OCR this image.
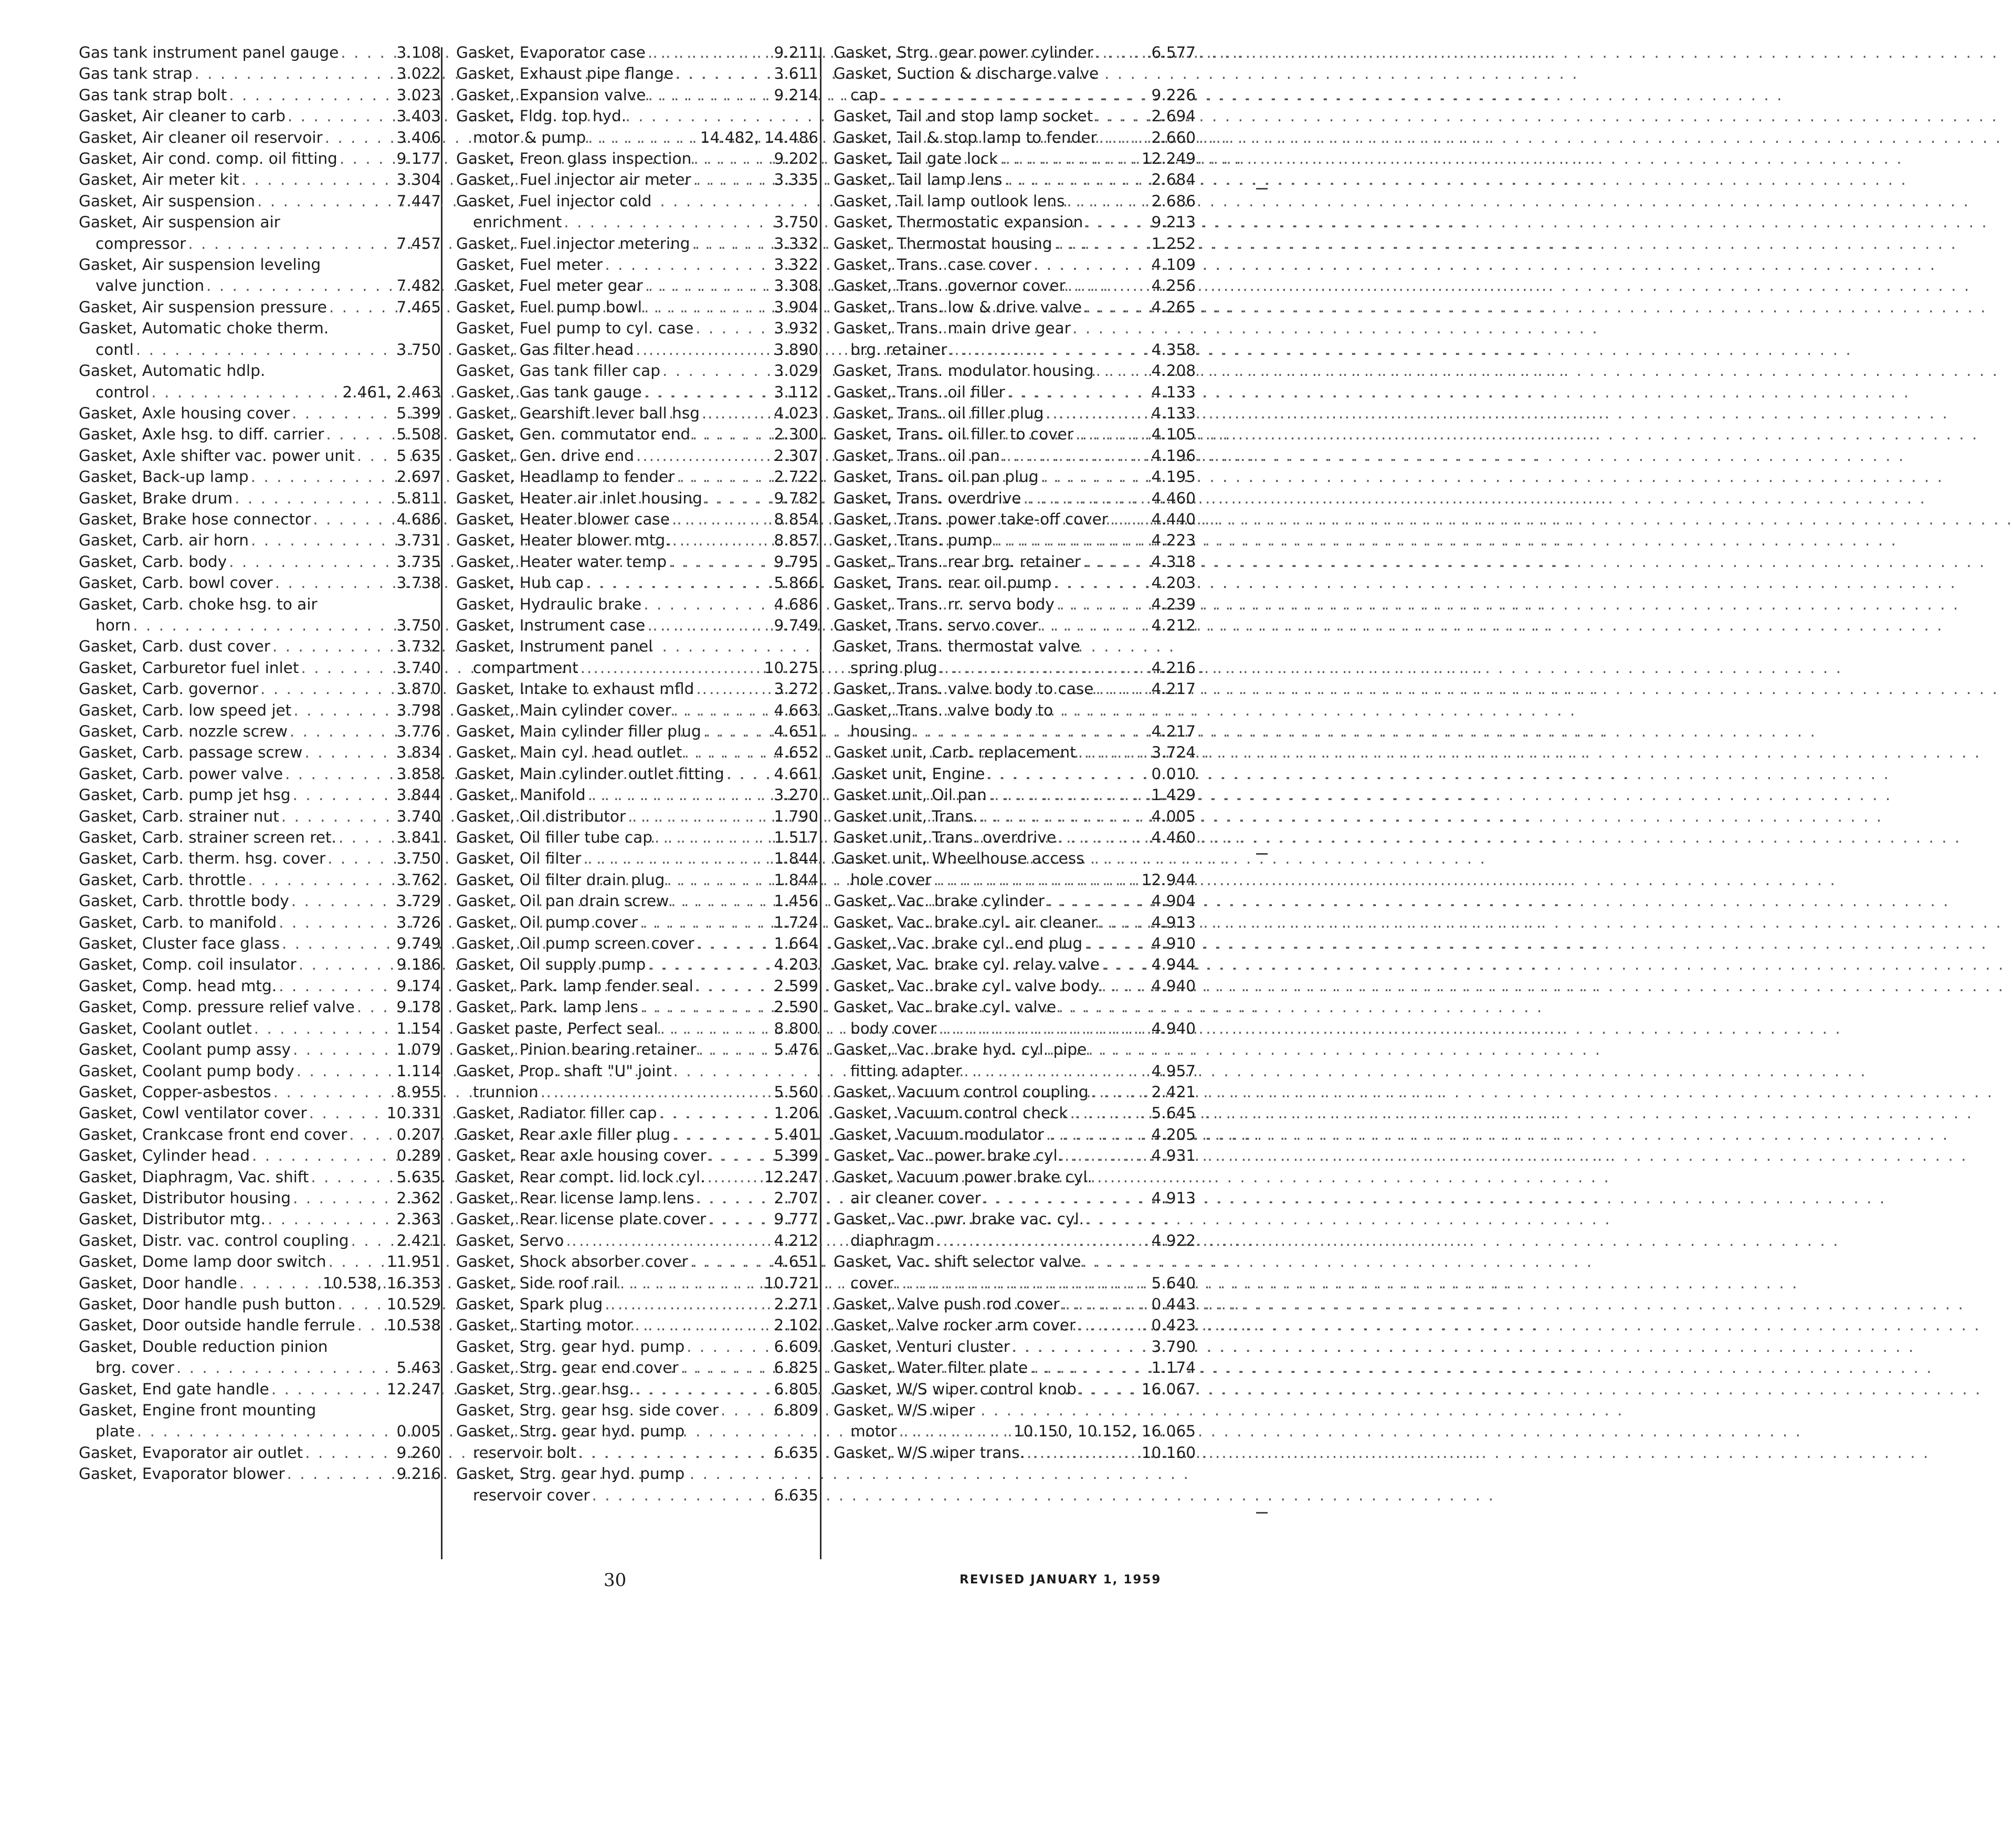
Gas tank instrument panel gauge . . .	3.108
Gas tank strap . . .	3.022
Gas tank strap bolt . . .	3.023
Gasket, Air cleaner to carb . . .	3.403
Gasket, Air cleaner oil reservoir . . .	3.406
Gasket, Air cond. comp. oil fitting . . .	9.177
Gasket, Air meter kit . . .	3.304
Gasket, Air suspension . . .	7.447
Gasket, Air suspension air
compressor . . .	7.457
Gasket, Air suspension leveling
valve junction . . .	7.482
Gasket, Air suspension pressure . . .	7.465
Gasket, Automatic choke therm.
contl . . .	3.750
Gasket, Automatic hdlp.
control . . .	2.461, 2.463
Gasket, Axle housing cover . . .	5.399
Gasket, Axle hsg. to diff. carrier . . .	5.508
Gasket, Axle shifter vac. power unit . . .	5 635
Gasket, Back-up lamp . . .	2.697
Gasket, Brake drum . . .	5.811
Gasket, Brake hose connector . . .	4.686
Gasket, Carb. air horn . . .	3.731
Gasket, Carb. body . . .	3.735
Gasket, Carb. bowl cover . . .	3.738
Gasket, Carb. choke hsg. to air
horn . . .	3.750
Gasket, Carb. dust cover . . .	3.732
Gasket, Carburetor fuel inlet . . .	3.740
Gasket, Carb. governor . . .	3.870
Gasket, Carb. low speed jet . . .	3.798
Gasket, Carb. nozzle screw . . .	3.776
Gasket, Carb. passage screw . . .	3.834
Gasket, Carb. power valve . . .	3.858
Gasket, Carb. pump jet hsg . . .	3.844
Gasket, Carb. strainer nut . . .	3.740
Gasket, Carb. strainer screen ret. . . .	3.841
Gasket, Carb. therm. hsg. cover . . .	3.750
Gasket, Carb. throttle . . .	3.762
Gasket, Carb. throttle body . . .	3.729
Gasket, Carb. to manifold . . .	3.726
Gasket, Cluster face glass . . .	9.749
Gasket, Comp. coil insulator . . .	9.186
Gasket, Comp. head mtg. . . .	9.174
Gasket, Comp. pressure relief valve . . .	9.178
Gasket, Coolant outlet . . .	1.154
Gasket, Coolant pump assy . . .	1.079
Gasket, Coolant pump body . . .	1.114
Gasket, Copper-asbestos . . .	8.955
Gasket, Cowl ventilator cover . . .	10.331
Gasket, Crankcase front end cover . . .	0.207
Gasket, Cylinder head . . .	0.289
Gasket, Diaphragm, Vac. shift . . .	5.635
Gasket, Distributor housing . . .	2.362
Gasket, Distributor mtg. . . .	2.363
Gasket, Distr. vac. control coupling . . .	2.421
Gasket, Dome lamp door switch . . .	11.951
Gasket, Door handle . . .	10.538, 16.353
Gasket, Door handle push button . . .	10.529
Gasket, Door outside handle ferrule . . . 10.538
Gasket, Double reduction pinion
brg. cover . . .	5.463
Gasket, End gate handle . . .	12.247
Gasket, Engine front mounting
plate . . .	0.005
Gasket, Evaporator air outlet . . .	9.260
Gasket, Evaporator blower . . .	9.216
Gasket, Evaporator case . . .	9.211
Gasket, Exhaust pipe flange . . .	3.611
Gasket, Expansion valve . . .	9.214
Gasket, Fldg. top hyd.
motor & pump . . .	14.482, 14.486
Gasket, Freon glass inspection . . .	9.202
Gasket, Fuel injector air meter . . .	3.335
Gasket, Fuel injector cold
enrichment . . .	3.750
Gasket, Fuel injector metering . . .	3.332
Gasket, Fuel meter . . .	3.322
Gasket, Fuel meter gear . . .	3.308
Gasket, Fuel pump bowl . . .	3.904
Gasket, Fuel pump to cyl. case . . .	3.932
Gasket, Gas filter head . . .	3.890
Gasket, Gas tank filler cap . . .	3.029
Gasket, Gas tank gauge . . .	3.112
Gasket, Gearshift lever ball hsg . . .	4.023
Gasket, Gen. commutator end . . .	2.300
Gasket, Gen. drive end . . .	2.307
Gasket, Headlamp to fender . . .	2.722
Gasket, Heater air inlet housing . . .	9.782
Gasket, Heater blower case . . .	8.854
Gasket, Heater blower mtg. . . .	8.857
Gasket, Heater water temp . . .	9.795
Gasket, Hub cap . . .	5.866
Gasket, Hydraulic brake . . .	4.686
Gasket, Instrument case . . .	9.749
Gasket, Instrument panel
compartment . . .	10.275
Gasket, Intake to exhaust mfld . . .	3.272
Gasket, Main cylinder cover . . .	4.663
Gasket, Main cylinder filler plug . . .	4.651
Gasket, Main cyl. head outlet . . .	4.652
Gasket, Main cylinder outlet fitting . . .	4.661
Gasket, Manifold . . .	3.270
Gasket, Oil distributor . . .	1.790
Gasket, Oil filler tube cap . . .	1.517
Gasket, Oil filter . . .	1.844
Gasket, Oil filter drain plug . . .	1.844
Gasket, Oil pan drain screw . . .	1.456
Gasket, Oil pump cover . . .	1.724
Gasket, Oil pump screen cover . . .	1.664
Gasket, Oil supply pump . . .	4.203
Gasket, Park. lamp fender seal . . .	2.599
Gasket, Park. lamp lens . . .	2.590
Gasket paste, Perfect seal . . .	8.800
Gasket, Pinion bearing retainer . . .	5.476
Gasket, Prop. shaft "U" joint
trunnion . . .	5.560
Gasket, Radiator filler cap . . .	1.206
Gasket, Rear axle filler plug . . .	5.401
Gasket, Rear axle housing cover . . .	5.399
Gasket, Rear compt. lid lock cyl. . . .	12.247
Gasket, Rear license lamp lens . . .	2.707
Gasket, Rear license plate cover . . .	9.777
Gasket, Servo . . .	4.212
Gasket, Shock absorber cover . . .	4.651
Gasket, Side roof rail . . .	10.721
Gasket, Spark plug . . .	2.271
Gasket, Starting motor . . .	2.102
Gasket, Strg. gear hyd. pump . . .	6.609
Gasket, Strg. gear end cover . . .	6.825
Gasket, Strg. gear hsg. . . .	6.805
Gasket, Strg. gear hsg. side cover . . .	6.809
Gasket, Strg. gear hyd. pump
reservoir bolt . . .	6.635
Gasket, Strg. gear hyd. pump
reservoir cover . . .	6.635
Gasket, Strg. gear power cylinder . . .	6.577
Gasket, Suction & discharge valve
cap . . .	9.226
Gasket, Tail and stop lamp socket . . .	2.694
Gasket, Tail & stop lamp to fender . . .	2.660
Gasket, Tail gate lock . . .	12.249
Gasket, Tail lamp lens . . .	2.684
Gasket, Tail lamp outlook lens . . .	2.686
Gasket, Thermostatic expansion . . .	9.213
Gasket, Thermostat housing . . .	1.252
Gasket, Trans. case cover . . .	4.109
Gasket, Trans. governor cover . . .	4.256
Gasket, Trans. low & drive valve . . .	4.265
Gasket, Trans. main drive gear
brg. retainer . . .	4.358
Gasket, Trans. modulator housing . . .	4.208
Gasket, Trans. oil filler . . .	4.133
Gasket, Trans. oil filler plug . . .	4.133
Gasket, Trans. oil filler to cover . . .	4.105
Gasket, Trans. oil pan . . .	4.196
Gasket, Trans. oil pan plug . . .	4.195
Gasket, Trans. overdrive . . .	4.460
Gasket, Trans. power take-off cover . . .	4.440
Gasket, Trans. pump . . .	4.223
Gasket, Trans. rear brg. retainer . . .	4.318
Gasket, Trans. rear oil pump . . .	4.203
Gasket, Trans. rr. servo body . . .	4.239
Gasket, Trans. servo cover . . .	4.212
Gasket, Trans. thermostat valve
spring plug . . .	4.216
Gasket, Trans. valve body to case . . .	4.217
Gasket, Trans. valve body to
housing . . .	4.217
Gasket unit, Carb. replacement . . .	3.724
Gasket unit, Engine . . .	0.010
Gasket unit, Oil pan . . .	1.429
Gasket unit, Trans. . . .	4.005
Gasket unit, Trans. overdrive . . .	4.460
Gasket unit, Wheelhouse access
hole cover . . .	12.944
Gasket, Vac. brake cylinder . . .	4.904
Gasket, Vac. brake cyl. air cleaner . . .	4.913
Gasket, Vac. brake cyl. end plug . . .	4.910
Gasket, Vac. brake cyl. relay valve . . .	4.944
Gasket, Vac. brake cyl. valve body . . .	4.940
Gasket, Vac. brake cyl. valve
body cover . . .	4.940
Gasket, Vac. brake hyd. cyl. pipe
fitting adapter . . .	4.957
Gasket, Vacuum control coupling . . .	2.421
Gasket, Vacuum control check . . .	5.645
Gasket, Vacuum modulator . . .	4.205
Gasket, Vac. power brake cyl. . . .	4.931
Gasket, Vacuum power brake cyl.
air cleaner cover . . .	4.913
Gasket, Vac. pwr. brake vac. cyl.
diaphragm . . .	4.922
Gasket, Vac. shift selector valve
cover . . .	5.640
Gasket, Valve push rod cover . . .	0.443
Gasket, Valve rocker arm cover . . .	0.423
Gasket, Venturi cluster . . .	3.790
Gasket, Water filter plate . . .	1.174
Gasket, W/S wiper control knob . . .	16.067
Gasket, W/S wiper
motor . . .	10.150, 10.152, 16.065
Gasket, W/S wiper trans. . . .	10.160
30	REVISED JANUARY 1, 1959
